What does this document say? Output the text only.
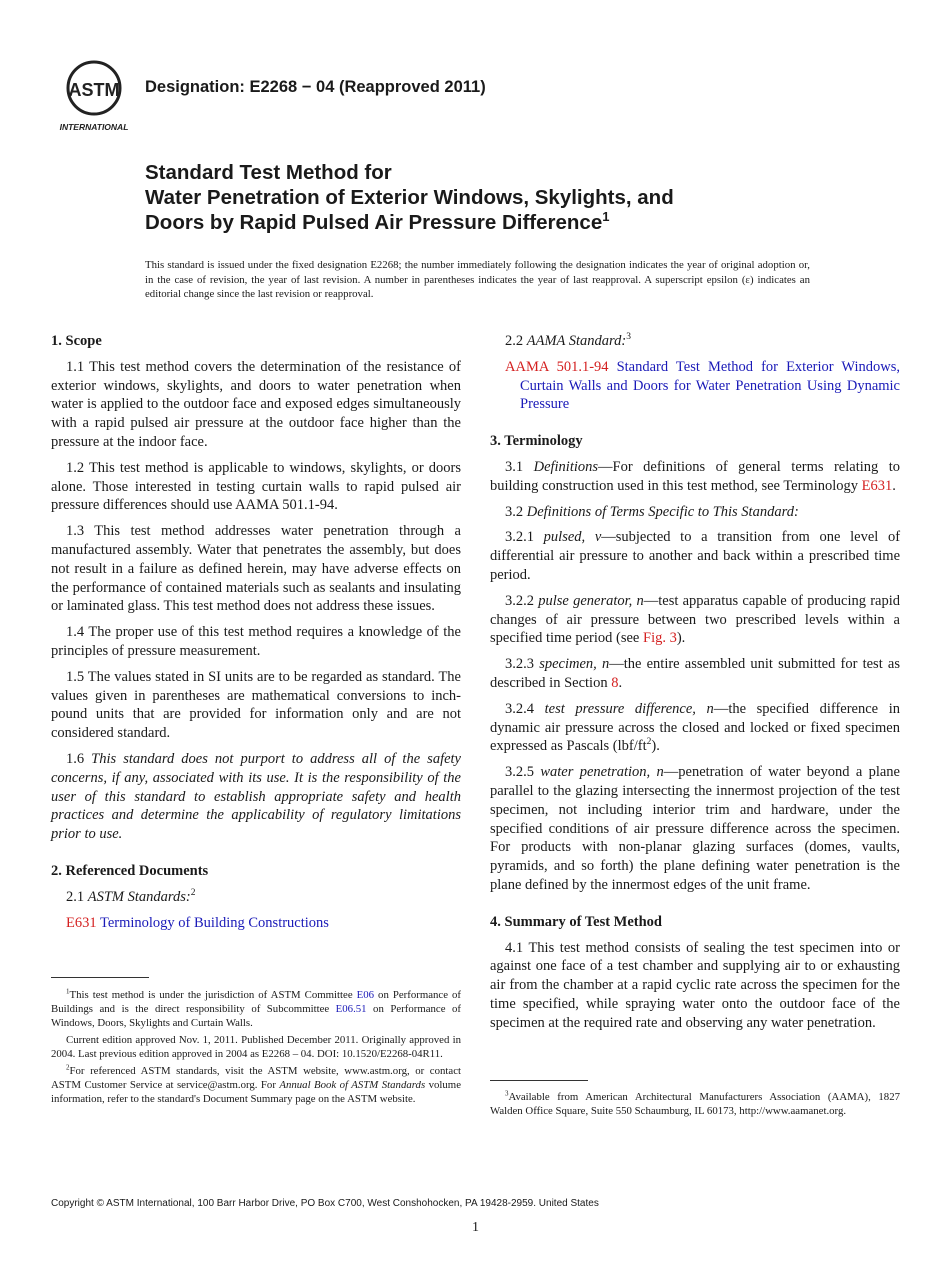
ASTM
INTERNATIONAL
Designation: E2268 − 04 (Reapproved 2011)
Standard Test Method for
Water Penetration of Exterior Windows, Skylights, and
Doors by Rapid Pulsed Air Pressure Difference$^1$
This standard is issued under the fixed designation E2268; the number immediately following the designation indicates the year of original adoption or, in the case of revision, the year of last revision. A number in parentheses indicates the year of last reapproval. A superscript epsilon (ε) indicates an editorial change since the last revision or reapproval.
1. Scope

1.1 This test method covers the determination of the resistance of exterior windows, skylights, and doors to water penetration when water is applied to the outdoor face and exposed edges simultaneously with a rapid pulsed air pressure at the outdoor face higher than the pressure at the indoor face.

1.2 This test method is applicable to windows, skylights, or doors alone. Those interested in testing curtain walls to rapid pulsed air pressure differences should use AAMA 501.1-94.

1.3 This test method addresses water penetration through a manufactured assembly. Water that penetrates the assembly, but does not result in a failure as defined herein, may have adverse effects on the performance of contained materials such as sealants and insulating or laminated glass. This test method does not address these issues.

1.4 The proper use of this test method requires a knowledge of the principles of pressure measurement.

1.5 The values stated in SI units are to be regarded as standard. The values given in parentheses are mathematical conversions to inch-pound units that are provided for information only and are not considered standard.

1.6 This standard does not purport to address all of the safety concerns, if any, associated with its use. It is the responsibility of the user of this standard to establish appropriate safety and health practices and determine the applicability of regulatory limitations prior to use.

2. Referenced Documents

2.1 ASTM Standards:$^2$

E631 Terminology of Building Constructions

$^1$This test method is under the jurisdiction of ASTM Committee E06 on Performance of Buildings and is the direct responsibility of Subcommittee E06.51 on Performance of Windows, Doors, Skylights and Curtain Walls.

Current edition approved Nov. 1, 2011. Published December 2011. Originally approved in 2004. Last previous edition approved in 2004 as E2268 – 04. DOI: 10.1520/E2268-04R11.

$^2$For referenced ASTM standards, visit the ASTM website, www.astm.org, or contact ASTM Customer Service at service@astm.org. For Annual Book of ASTM Standards volume information, refer to the standard's Document Summary page on the ASTM website.

2.2 AAMA Standard:$^3$

AAMA 501.1-94 Standard Test Method for Exterior Windows, Curtain Walls and Doors for Water Penetration Using Dynamic Pressure

3. Terminology

3.1 Definitions—For definitions of general terms relating to building construction used in this test method, see Terminology E631.

3.2 Definitions of Terms Specific to This Standard:

3.2.1 pulsed, v—subjected to a transition from one level of differential air pressure to another and back within a prescribed time period.

3.2.2 pulse generator, n—test apparatus capable of producing rapid changes of air pressure between two prescribed levels within a specified time period (see Fig. 3).

3.2.3 specimen, n—the entire assembled unit submitted for test as described in Section 8.

3.2.4 test pressure difference, n—the specified difference in dynamic air pressure across the closed and locked or fixed specimen expressed as Pascals $(lbf/ft^2)$.

3.2.5 water penetration, n—penetration of water beyond a plane parallel to the glazing intersecting the innermost projection of the test specimen, not including interior trim and hardware, under the specified conditions of air pressure difference across the specimen. For products with non-planar glazing surfaces (domes, vaults, pyramids, and so forth) the plane defining water penetration is the plane defined by the innermost edges of the unit frame.

4. Summary of Test Method

4.1 This test method consists of sealing the test specimen into or against one face of a test chamber and supplying air to or exhausting air from the chamber at a rapid cyclic rate across the specimen for the time specified, while spraying water onto the outdoor face of the specimen at the required rate and observing any water penetration.

$^3$Available from American Architectural Manufacturers Association (AAMA), 1827 Walden Office Square, Suite 550 Schaumburg, IL 60173, http://www.aamanet.org.

Copyright © ASTM International, 100 Barr Harbor Drive, PO Box C700, West Conshohocken, PA 19428-2959. United States
1
